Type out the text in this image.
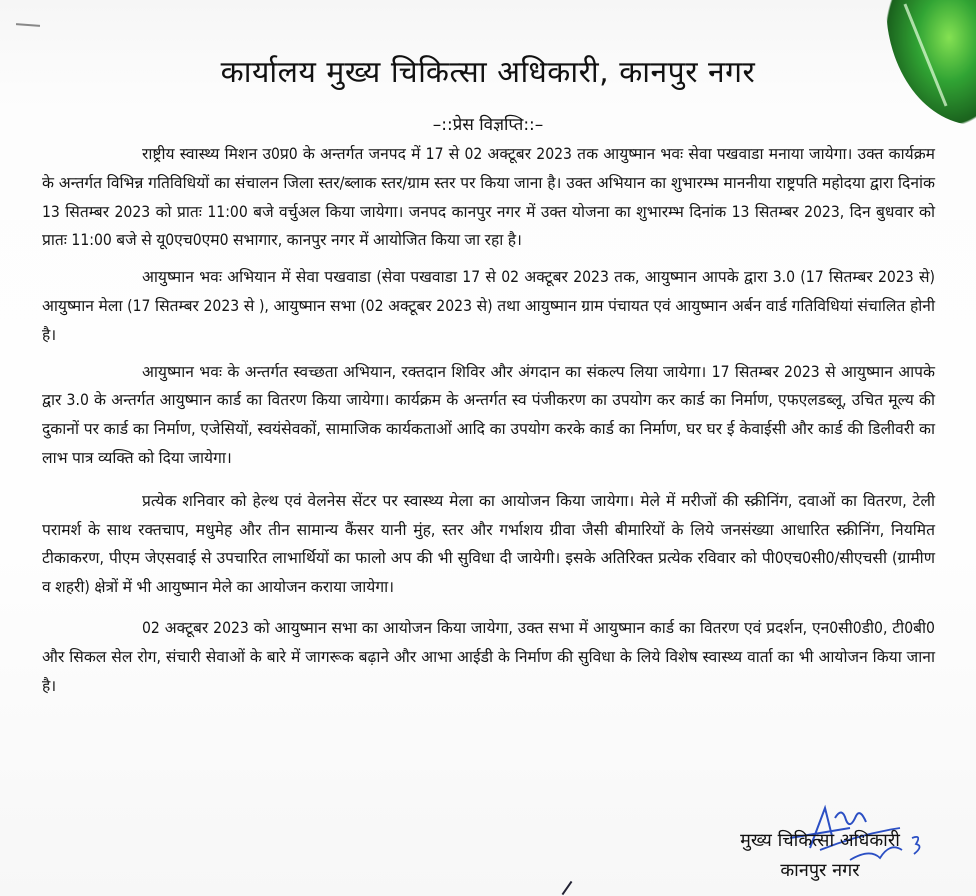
कार्यालय मुख्य चिकित्सा अधिकारी, कानपुर नगर
–::प्रेस विज्ञप्ति::–

राष्ट्रीय स्वास्थ्य मिशन उ0प्र0 के अन्तर्गत जनपद में 17 से 02 अक्टूबर 2023 तक आयुष्मान भवः सेवा पखवाडा मनाया जायेगा। उक्त कार्यक्रम के अन्तर्गत विभिन्न गतिविधियों का संचालन जिला स्तर/ब्लाक स्तर/ग्राम स्तर पर किया जाना है। उक्त अभियान का शुभारम्भ माननीया राष्ट्रपति महोदया द्वारा दिनांक 13 सितम्बर 2023 को प्रातः 11:00 बजे वर्चुअल किया जायेगा। जनपद कानपुर नगर में उक्त योजना का शुभारम्भ दिनांक 13 सितम्बर 2023, दिन बुधवार को प्रातः 11:00 बजे से यू0एच0एम0 सभागार, कानपुर नगर में आयोजित किया जा रहा है।

आयुष्मान भवः अभियान में सेवा पखवाडा (सेवा पखवाडा 17 से 02 अक्टूबर 2023 तक, आयुष्मान आपके द्वारा 3.0 (17 सितम्बर 2023 से) आयुष्मान मेला (17 सितम्बर 2023 से ), आयुष्मान सभा (02 अक्टूबर 2023 से) तथा आयुष्मान ग्राम पंचायत एवं आयुष्मान अर्बन वार्ड गतिविधियां संचालित होनी है।

आयुष्मान भवः के अन्तर्गत स्वच्छता अभियान, रक्तदान शिविर और अंगदान का संकल्प लिया जायेगा। 17 सितम्बर 2023 से आयुष्मान आपके द्वार 3.0 के अन्तर्गत आयुष्मान कार्ड का वितरण किया जायेगा। कार्यक्रम के अन्तर्गत स्व पंजीकरण का उपयोग कर कार्ड का निर्माण, एफएलडब्लू, उचित मूल्य की दुकानों पर कार्ड का निर्माण, एजेसियों, स्वयंसेवकों, सामाजिक कार्यकताओं आदि का उपयोग करके कार्ड का निर्माण, घर घर ई केवाईसी और कार्ड की डिलीवरी का लाभ पात्र व्यक्ति को दिया जायेगा।

प्रत्येक शनिवार को हेल्थ एवं वेलनेस सेंटर पर स्वास्थ्य मेला का आयोजन किया जायेगा। मेले में मरीजों की स्क्रीनिंग, दवाओं का वितरण, टेली परामर्श के साथ रक्तचाप, मधुमेह और तीन सामान्य कैंसर यानी मुंह, स्तर और गर्भाशय ग्रीवा जैसी बीमारियों के लिये जनसंख्या आधारित स्क्रीनिंग, नियमित टीकाकरण, पीएम जेएसवाई से उपचारित लाभार्थियों का फालो अप की भी सुविधा दी जायेगी। इसके अतिरिक्त प्रत्येक रविवार को पी0एच0सी0/सीएचसी (ग्रामीण व शहरी) क्षेत्रों में भी आयुष्मान मेले का आयोजन कराया जायेगा।

02 अक्टूबर 2023 को आयुष्मान सभा का आयोजन किया जायेगा, उक्त सभा में आयुष्मान कार्ड का वितरण एवं प्रदर्शन, एन0सी0डी0, टी0बी0 और सिकल सेल रोग, संचारी सेवाओं के बारे में जागरूक बढ़ाने और आभा आईडी के निर्माण की सुविधा के लिये विशेष स्वास्थ्य वार्ता का भी आयोजन किया जाना है।

मुख्य चिकित्सा अधिकारी
कानपुर नगर
